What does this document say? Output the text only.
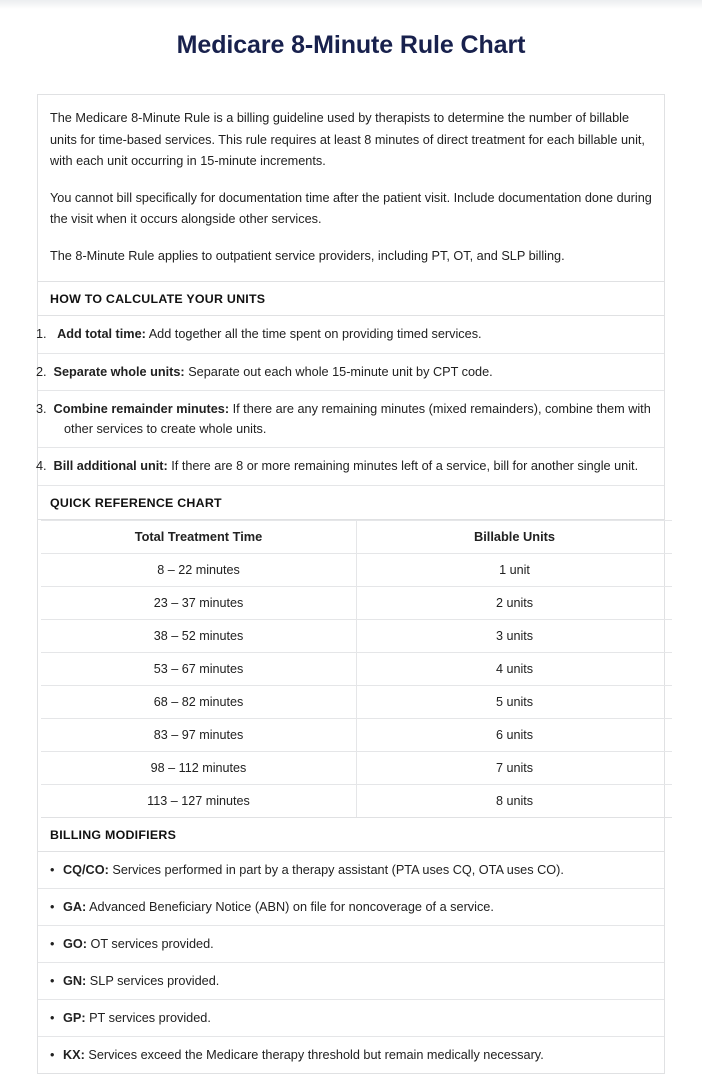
Medicare 8-Minute Rule Chart

The Medicare 8-Minute Rule is a billing guideline used by therapists to determine the number of billable units for time-based services. This rule requires at least 8 minutes of direct treatment for each billable unit, with each unit occurring in 15-minute increments.

You cannot bill specifically for documentation time after the patient visit. Include documentation done during the visit when it occurs alongside other services.

The 8-Minute Rule applies to outpatient service providers, including PT, OT, and SLP billing.

HOW TO CALCULATE YOUR UNITS
1. Add total time: Add together all the time spent on providing timed services.
2. Separate whole units: Separate out each whole 15-minute unit by CPT code.
3. Combine remainder minutes: If there are any remaining minutes (mixed remainders), combine them with other services to create whole units.
4. Bill additional unit: If there are 8 or more remaining minutes left of a service, bill for another single unit.
QUICK REFERENCE CHART
Total Treatment Time	Billable Units
8 – 22 minutes	1 unit
23 – 37 minutes	2 units
38 – 52 minutes	3 units
53 – 67 minutes	4 units
68 – 82 minutes	5 units
83 – 97 minutes	6 units
98 – 112 minutes	7 units
113 – 127 minutes	8 units
BILLING MODIFIERS
• CQ/CO: Services performed in part by a therapy assistant (PTA uses CQ, OTA uses CO).
• GA: Advanced Beneficiary Notice (ABN) on file for noncoverage of a service.
• GO: OT services provided.
• GN: SLP services provided.
• GP: PT services provided.
• KX: Services exceed the Medicare therapy threshold but remain medically necessary.
